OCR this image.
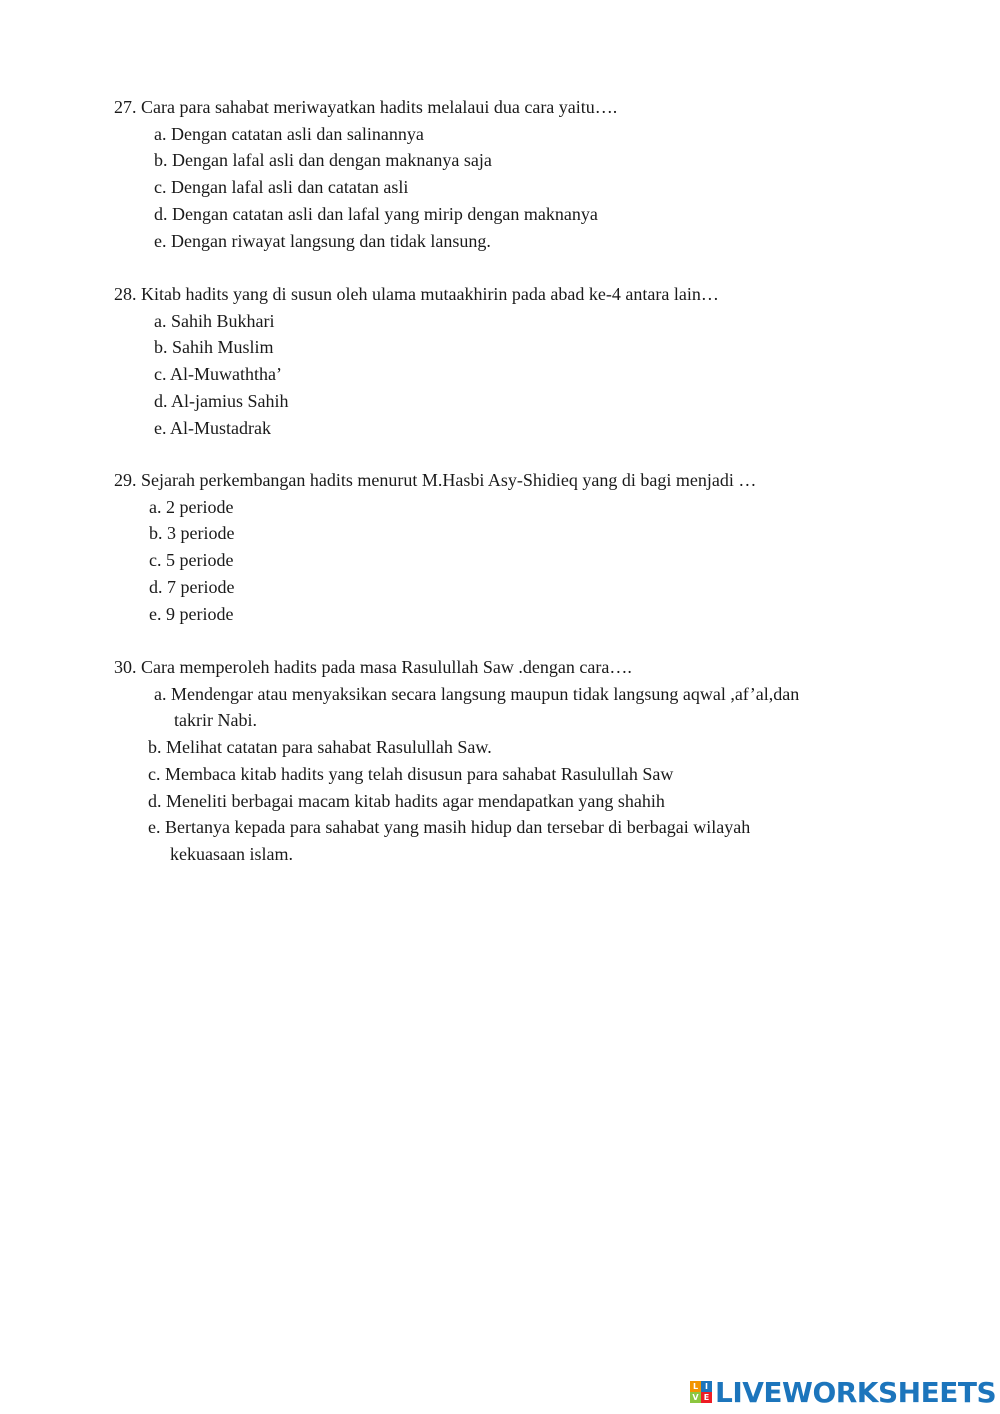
27. Cara para sahabat meriwayatkan hadits melalaui dua cara yaitu….
a. Dengan catatan asli dan salinannya
b. Dengan lafal asli dan dengan maknanya saja
c. Dengan lafal asli dan catatan asli
d. Dengan catatan asli dan lafal yang mirip dengan maknanya
e. Dengan riwayat langsung dan tidak lansung.
28. Kitab hadits yang di susun oleh ulama mutaakhirin pada abad ke-4 antara lain…
a. Sahih Bukhari
b. Sahih Muslim
c. Al-Muwaththa’
d. Al-jamius Sahih
e. Al-Mustadrak
29. Sejarah perkembangan hadits menurut M.Hasbi Asy-Shidieq yang di bagi menjadi …
a. 2 periode
b. 3 periode
c. 5 periode
d. 7 periode
e. 9 periode
30. Cara memperoleh hadits pada masa Rasulullah Saw .dengan cara….
a. Mendengar atau menyaksikan secara langsung maupun tidak langsung aqwal ,af’al,dan
takrir Nabi.
b. Melihat catatan para sahabat Rasulullah Saw.
c. Membaca kitab hadits yang telah disusun para sahabat Rasulullah Saw
d. Meneliti berbagai macam kitab hadits agar mendapatkan yang shahih
e. Bertanya kepada para sahabat yang masih hidup dan tersebar di berbagai wilayah
kekuasaan islam.
L I
V E LIVEWORKSHEETS
